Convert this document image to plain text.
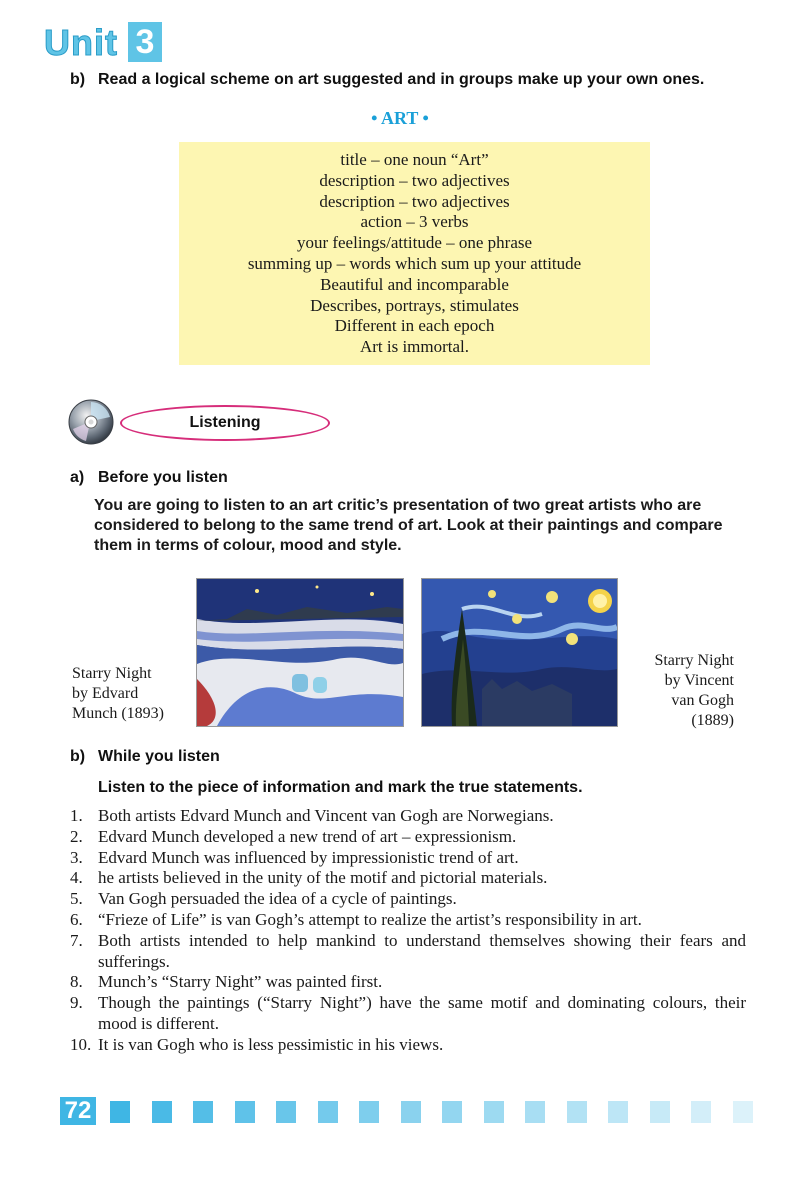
Unit 3
b) Read a logical scheme on art suggested and in groups make up your own ones.
• ART •
title – one noun “Art”
description – two adjectives
description – two adjectives
action – 3 verbs
your feelings/attitude – one phrase
summing up – words which sum up your attitude
Beautiful and incomparable
Describes, portrays, stimulates
Different in each epoch
Art is immortal.
Listening
a) Before you listen
You are going to listen to an art critic’s presentation of two great artists who are considered to belong to the same trend of art. Look at their paintings and compare them in terms of colour, mood and style.
Starry Night
by Edvard
Munch (1893)
Starry Night
by Vincent
van Gogh
(1889)
b) While you listen
Listen to the piece of information and mark the true statements.
1. Both artists Edvard Munch and Vincent van Gogh are Norwegians.
2. Edvard Munch developed a new trend of art – expressionism.
3. Edvard Munch was influenced by impressionistic trend of art.
4. he artists believed in the unity of the motif and pictorial materials.
5. Van Gogh persuaded the idea of a cycle of paintings.
6. “Frieze of Life” is van Gogh’s attempt to realize the artist’s responsibility in art.
7. Both artists intended to help mankind to understand themselves showing their fears and sufferings.
8. Munch’s “Starry Night” was painted first.
9. Though the paintings (“Starry Night”) have the same motif and dominating colours, their mood is different.
10. It is van Gogh who is less pessimistic in his views.
72
